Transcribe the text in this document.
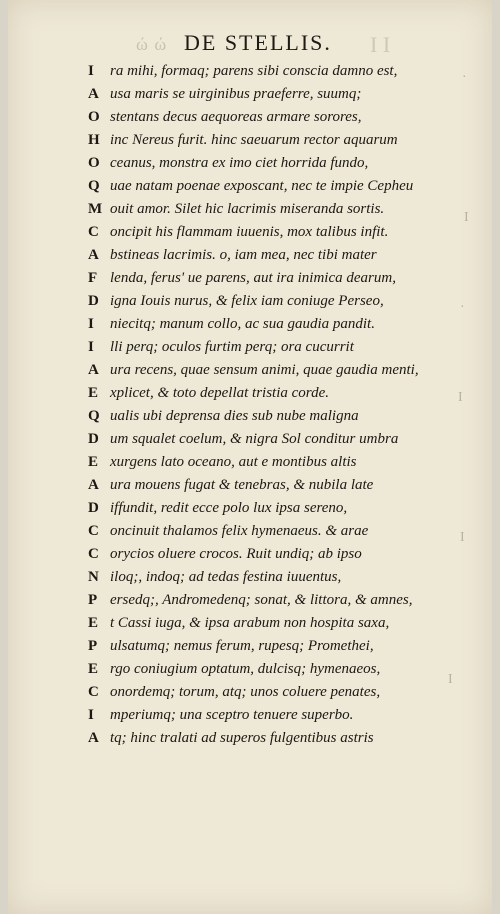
ώ ώ DE STELLIS. I I
I ra mihi, formaq; parens sibi conscia damno est,
A usa maris se uirginibus praeferre, suumq;
O stentans decus aequoreas armare sorores,
H inc Nereus furit. hinc saeuarum rector aquarum
O ceanus, monstra ex imo ciet horrida fundo,
Q uae natam poenae exposcant, nec te impie Cepheu
M ouit amor. Silet hic lacrimis miseranda sortis.
C oncipit his flammam iuuenis, mox talibus infit.
A bstineas lacrimis. o, iam mea, nec tibi mater
F lenda, ferus' ue parens, aut ira inimica dearum,
D igna Iouis nurus, & felix iam coniuge Perseo,
I niecitq; manum collo, ac sua gaudia pandit.
I lli perq; oculos furtim perq; ora cucurrit
A ura recens, quae sensum animi, quae gaudia menti,
E xplicet, & toto depellat tristia corde.
Q ualis ubi deprensa dies sub nube maligna
D um squalet coelum, & nigra Sol conditur umbra
E xurgens lato oceano, aut e montibus altis
A ura mouens fugat & tenebras, & nubila late
D iffundit, redit ecce polo lux ipsa sereno,
C oncinuit thalamos felix hymenaeus. & arae
C orycios oluere crocos. Ruit undiq; ab ipso
N iloq;, indoq; ad tedas festina iuuentus,
P ersedq;, Andromedenq; sonat, & littora, & amnes,
E t Cassi iuga, & ipsa arabum non hospita saxa,
P ulsatumq; nemus ferum, rupesq; Promethei,
E rgo coniugium optatum, dulcisq; hymenaeos,
C onordemq; torum, atq; unos coluere penates,
I mperiumq; una sceptro tenuere superbo.
A tq; hinc tralati ad superos fulgentibus astris
·
I
·
I
I
I
